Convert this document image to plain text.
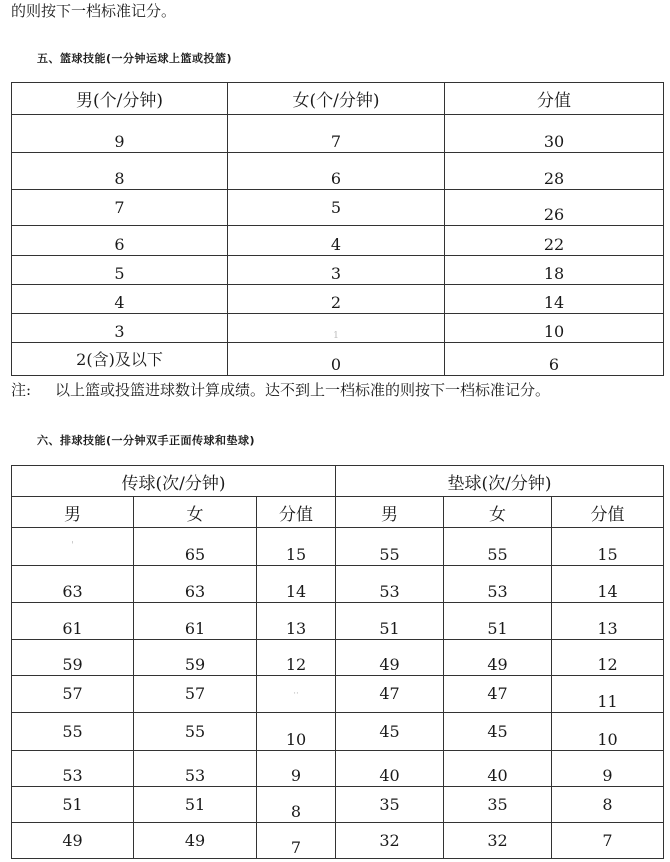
的则按下一档标准记分。
五、篮球技能(一分钟运球上篮或投篮)
男(个/分钟)	女(个/分钟)	分值
9	7	30
8	6	28
7	5	26
6	4	22
5	3	18
4	2	14
3	1	10
2(含)及以下	0	6
注: 以上篮或投篮进球数计算成绩。达不到上一档标准的则按下一档标准记分。
六、排球技能(一分钟双手正面传球和垫球)
传球(次/分钟)			垫球(次/分钟)		
男	女	分值	男	女	分值
'	65	15	55	55	15
63	63	14	53	53	14
61	61	13	51	51	13
59	59	12	49	49	12
57	57	··	47	47	11
55	55	10	45	45	10
53	53	9	40	40	9
51	51	8	35	35	8
49	49	7	32	32	7
